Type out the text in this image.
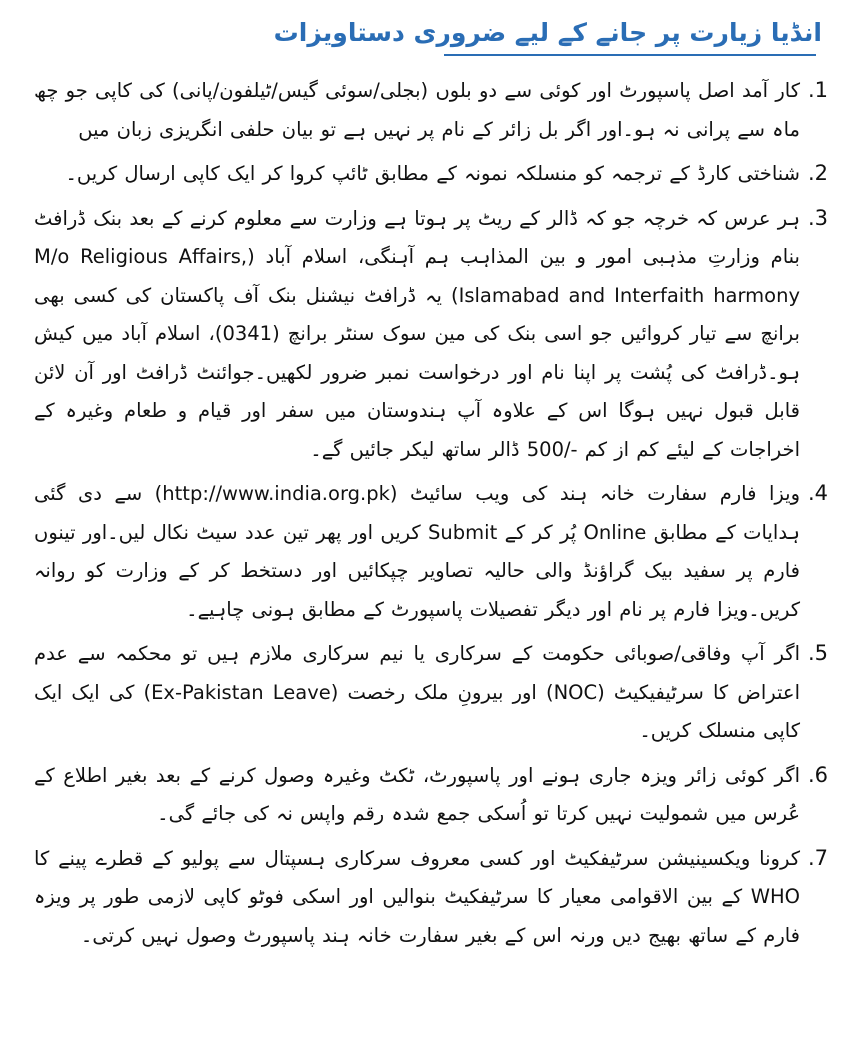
انڈیا زیارت پر جانے کے لیے ضروری دستاویزات
.1
کار آمد اصل پاسپورٹ اور کوئی سے دو بلوں (بجلی/سوئی گیس/ٹیلفون/پانی) کی کاپی جو چھ ماہ سے پرانی نہ ہو۔اور اگر بل زائر کے نام پر نہیں ہے تو بیان حلفی انگریزی زبان میں
.2
شناختی کارڈ کے ترجمہ کو منسلکہ نمونہ کے مطابق ٹائپ کروا کر ایک کاپی ارسال کریں۔
.3
ہر عرس کہ خرچہ جو کہ ڈالر کے ریٹ پر ہوتا ہے وزارت سے معلوم کرنے کے بعد بنک ڈرافٹ بنام وزارتِ مذہبی امور و بین المذاہب ہم آہنگی، اسلام آباد (M/o Religious Affairs, Islamabad and Interfaith harmony) یہ ڈرافٹ نیشنل بنک آف پاکستان کی کسی بھی برانچ سے تیار کروائیں جو اسی بنک کی مین سوک سنٹر برانچ (0341)، اسلام آباد میں کیش ہو۔ڈرافٹ کی پُشت پر اپنا نام اور درخواست نمبر ضرور لکھیں۔جوائنٹ ڈرافٹ اور آن لائن قابل قبول نہیں ہوگا اس کے علاوہ آپ ہندوستان میں سفر اور قیام و طعام وغیرہ کے اخراجات کے لیئے کم از کم -/500 ڈالر ساتھ لیکر جائیں گے۔
.4
ویزا فارم سفارت خانہ ہند کی ویب سائیٹ (http://www.india.org.pk) سے دی گئی ہدایات کے مطابق Online پُر کر کے Submit کریں اور پھر تین عدد سیٹ نکال لیں۔اور تینوں فارم پر سفید بیک گراؤنڈ والی حالیہ تصاویر چپکائیں اور دستخط کر کے وزارت کو روانہ کریں۔ویزا فارم پر نام اور دیگر تفصیلات پاسپورٹ کے مطابق ہونی چاہیے۔
.5
اگر آپ وفاقی/صوبائی حکومت کے سرکاری یا نیم سرکاری ملازم ہیں تو محکمہ سے عدم اعتراض کا سرٹیفیکیٹ (NOC) اور بیرونِ ملک رخصت (Ex-Pakistan Leave) کی ایک ایک کاپی منسلک کریں۔
.6
اگر کوئی زائر ویزہ جاری ہونے اور پاسپورٹ، ٹکٹ وغیرہ وصول کرنے کے بعد بغیر اطلاع کے عُرس میں شمولیت نہیں کرتا تو اُسکی جمع شدہ رقم واپس نہ کی جائے گی۔
.7
کرونا ویکسینیشن سرٹیفکیٹ اور کسی معروف سرکاری ہسپتال سے پولیو کے قطرے پینے کا WHO کے بین الاقوامی معیار کا سرٹیفکیٹ بنوالیں اور اسکی فوٹو کاپی لازمی طور پر ویزہ فارم کے ساتھ بھیج دیں ورنہ اس کے بغیر سفارت خانہ ہند پاسپورٹ وصول نہیں کرتی۔
